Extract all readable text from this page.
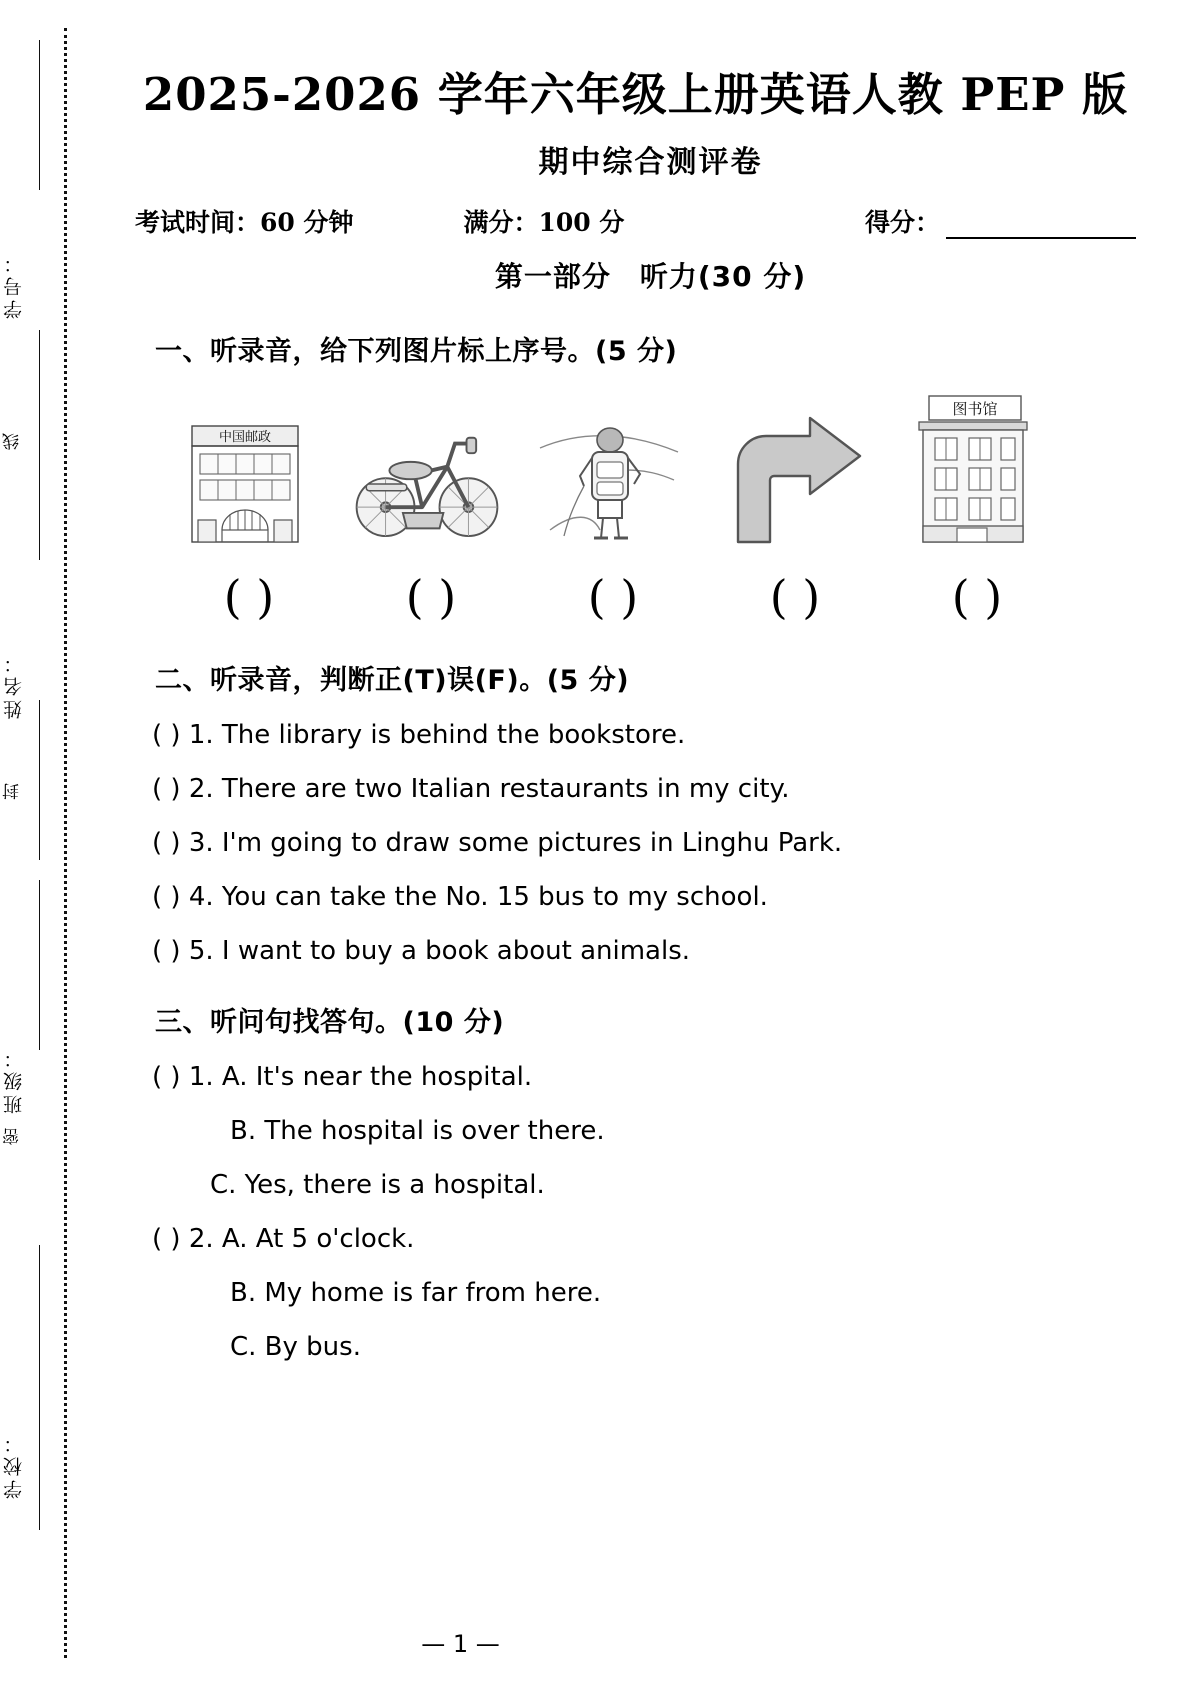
学号：
线
姓名：
封
班级：
密
学校：
2025-2026 学年六年级上册英语人教 PEP 版
期中综合测评卷
考试时间：60 分钟	满分：100 分	得分：
第一部分　听力(30 分)
一、听录音，给下列图片标上序号。(5 分)
中国邮政
图书馆
( )	( )	( )	( )	( )
二、听录音，判断正(T)误(F)。(5 分)
( ) 1. The library is behind the bookstore.
( ) 2. There are two Italian restaurants in my city.
( ) 3. I'm going to draw some pictures in Linghu Park.
( ) 4. You can take the No. 15 bus to my school.
( ) 5. I want to buy a book about animals.
三、听问句找答句。(10 分)
( ) 1. A. It's near the hospital.
B. The hospital is over there.
C. Yes, there is a hospital.
( ) 2. A. At 5 o'clock.
B. My home is far from here.
C. By bus.
— 1 —
